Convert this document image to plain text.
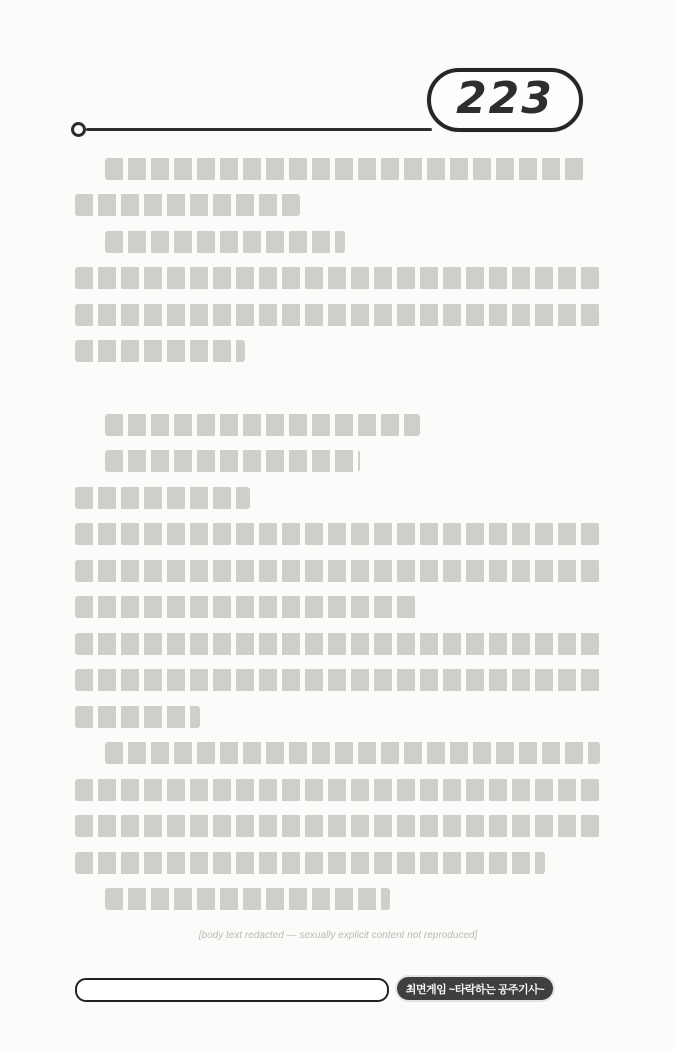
223
[body text redacted — sexually explicit content not reproduced]
최면게임 ~타락하는 공주기사~
